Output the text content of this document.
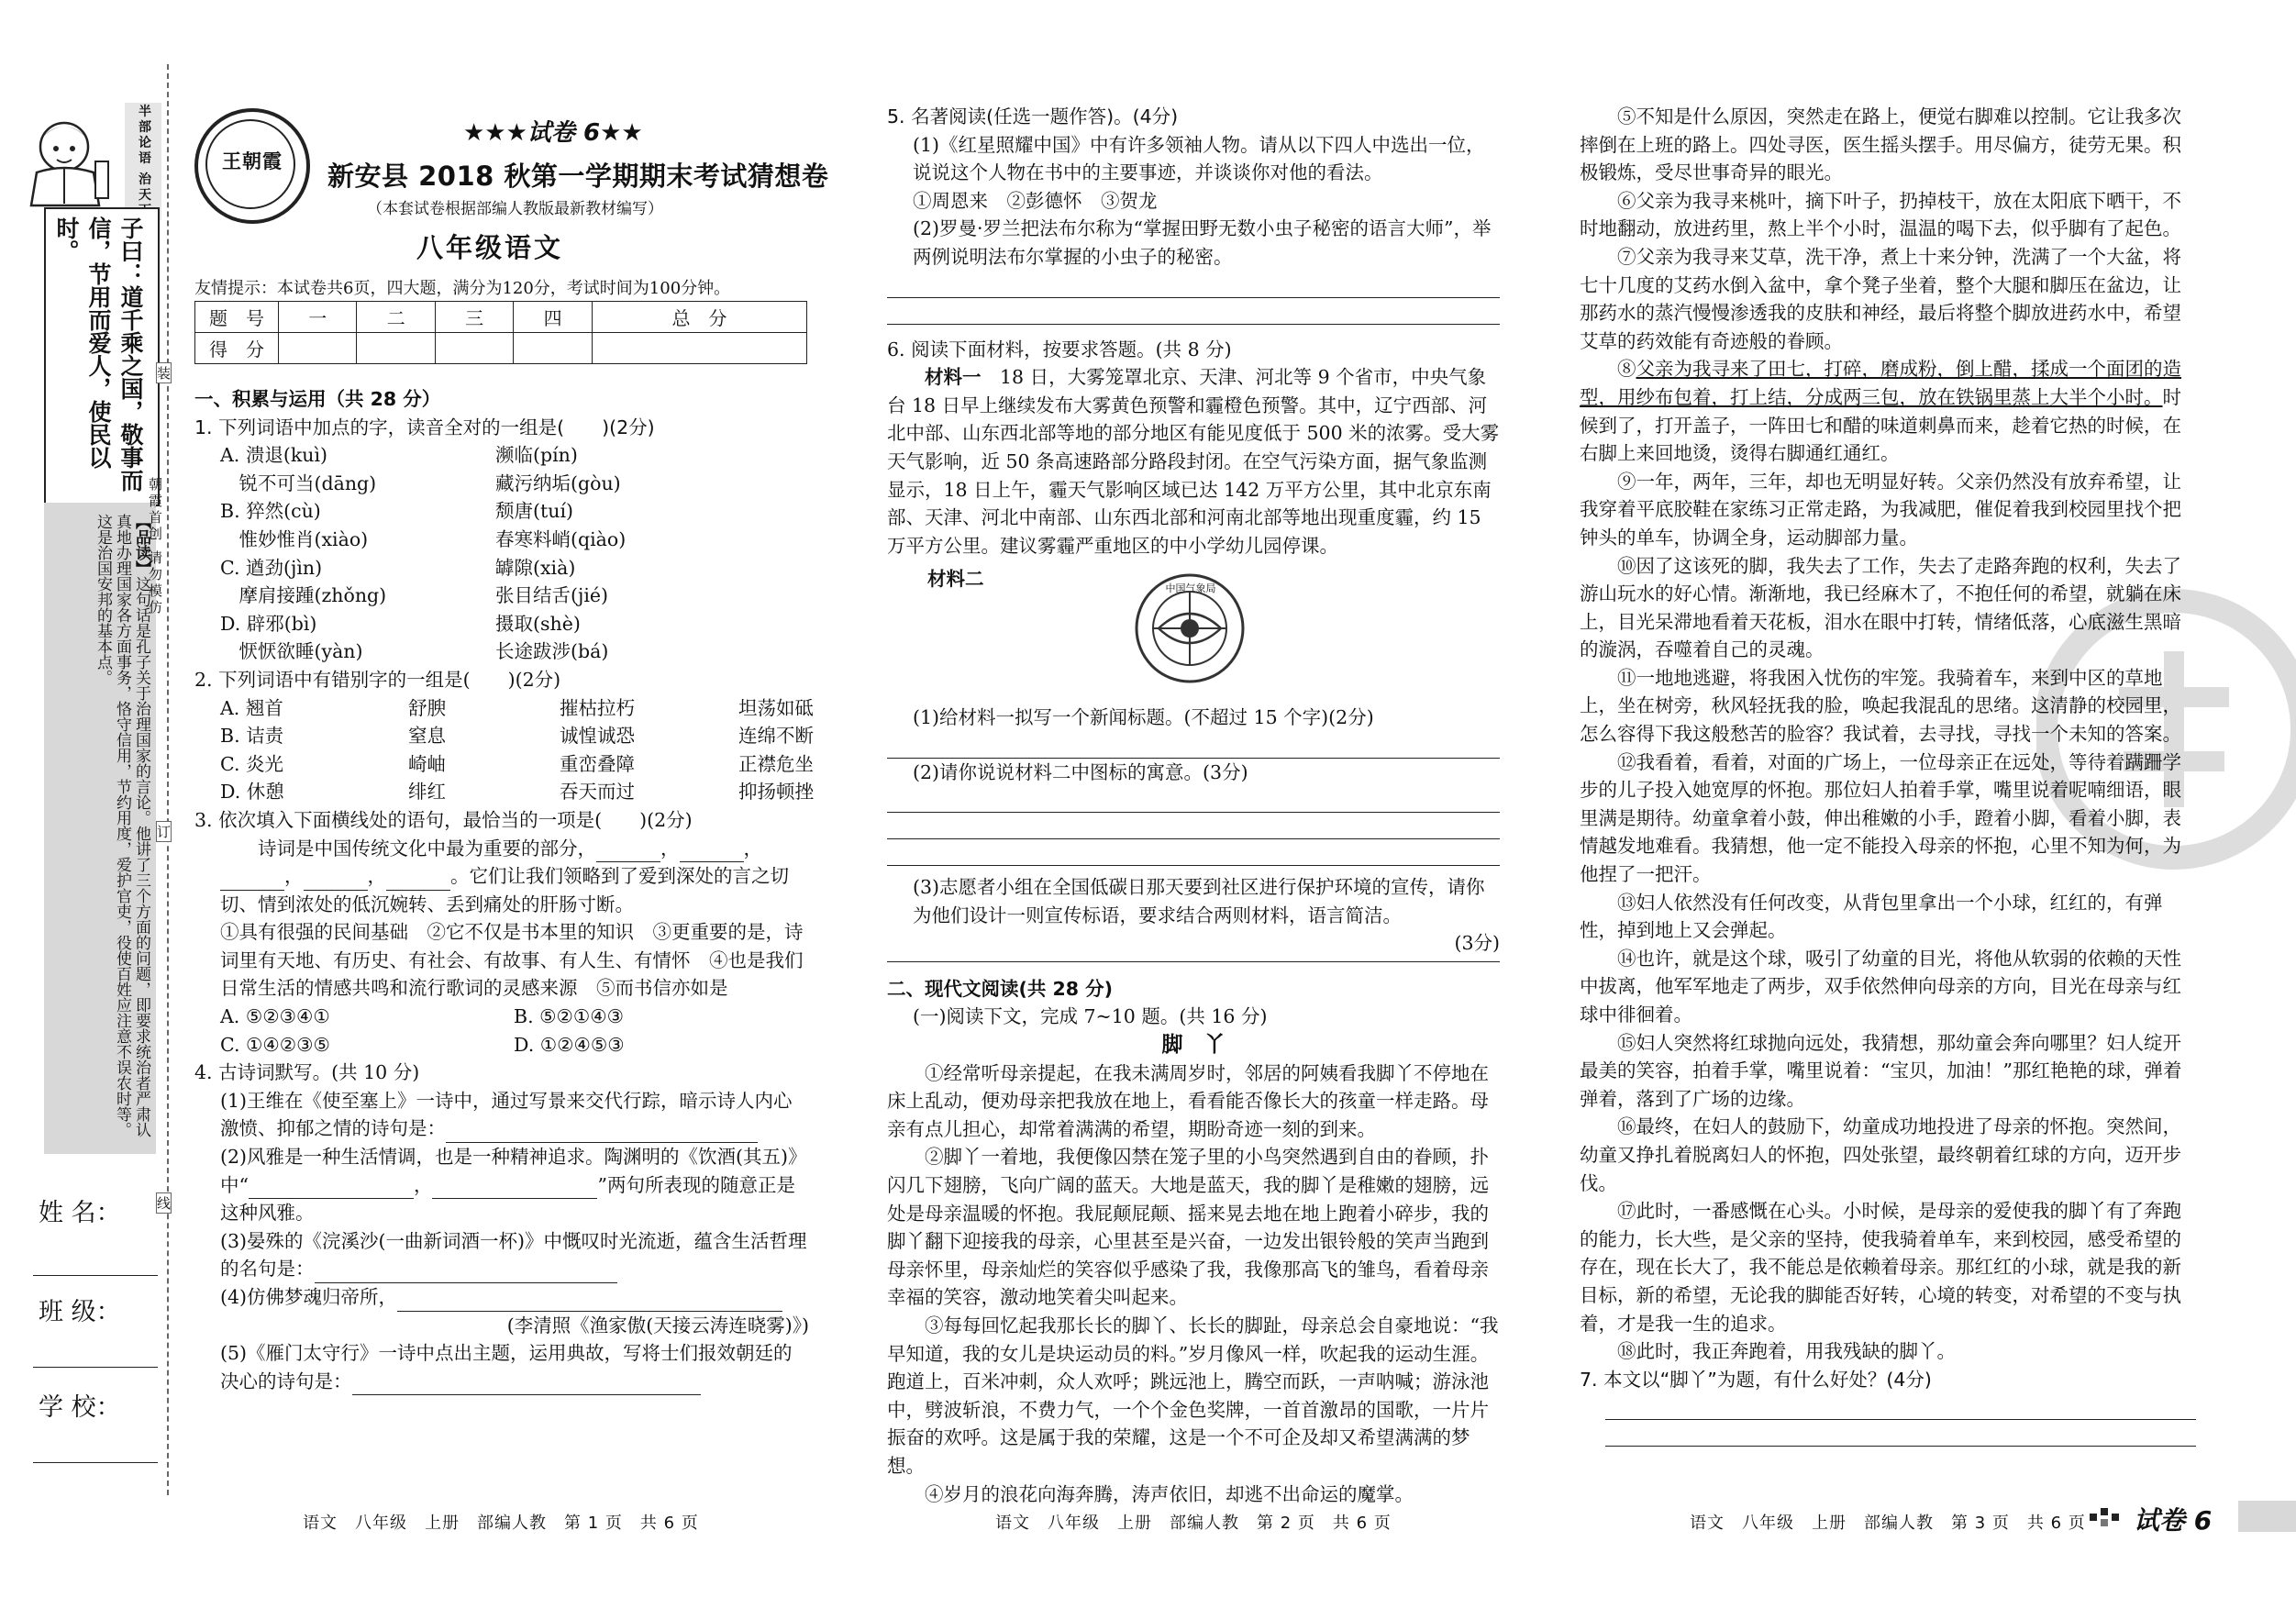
半
部
论
语
治
天
子曰：道千乘之国，敬事而信，节用而爱人，使民以时。
【品读】这句话是孔子关于治理国家的言论。他讲了三个方面的问题，即要求统治者严肃认真地办理国家各方面事务，恪守信用，节约用度，爱护官吏，役使百姓应注意不误农时等。这是治国安邦的基本点。
装
订
线
朝霞首创 请勿模仿
姓 名：
班 级：
学 校：
王朝霞
★★★试卷 6★★
新安县 2018 秋第一学期期末考试猜想卷
（本套试卷根据部编人教版最新教材编写）
八年级语文
友情提示：本试卷共6页，四大题，满分为120分，考试时间为100分钟。
题　号	一	二	三	四	总　分
得　分					

一、积累与运用（共 28 分）

1. 下列词语中加点的字，读音全对的一组是(　　)(2分)

A. 溃退(kuì)	濒临(pín)
　锐不可当(dāng)	藏污纳垢(gòu)
B. 猝然(cù)	颓唐(tuí)
　惟妙惟肖(xiào)	春寒料峭(qiào)
C. 遒劲(jìn)	罅隙(xià)
　摩肩接踵(zhǒng)	张目结舌(jié)
D. 辟邪(bì)	摄取(shè)
　恹恹欲睡(yàn)	长途跋涉(bá)

2. 下列词语中有错别字的一组是(　　)(2分)

A. 翘首	舒腴	摧枯拉朽	坦荡如砥
B. 诘责	窒息	诚惶诚恐	连绵不断
C. 炎光	崎岫	重峦叠障	正襟危坐
D. 休憩	绯红	吞天而过	抑扬顿挫

3. 依次填入下面横线处的语句，最恰当的一项是(　　)(2分)

诗词是中国传统文化中最为重要的部分，	，	，，	，	。它们让我们领略到了爱到深处的言之切切、情到浓处的低沉婉转、丢到痛处的肝肠寸断。

①具有很强的民间基础　②它不仅是书本里的知识　③更重要的是，诗词里有天地、有历史、有社会、有故事、有人生、有情怀　④也是我们日常生活的情感共鸣和流行歌词的灵感来源　⑤而书信亦如是

A. ⑤②③④①	B. ⑤②①④③
C. ①④②③⑤	D. ①②④⑤③

4. 古诗词默写。(共 10 分)

(1)王维在《使至塞上》一诗中，通过写景来交代行踪，暗示诗人内心激愤、抑郁之情的诗句是：

(2)风雅是一种生活情调，也是一种精神追求。陶渊明的《饮酒(其五)》中“	，	”两句所表现的随意正是这种风雅。

(3)晏殊的《浣溪沙(一曲新词酒一杯)》中慨叹时光流逝，蕴含生活哲理的名句是：

(4)仿佛梦魂归帝所，

(李清照《渔家傲(天接云涛连晓雾)》)

(5)《雁门太守行》一诗中点出主题，运用典故，写将士们报效朝廷的决心的诗句是：

语文　八年级　上册　部编人教　第 1 页　共 6 页

5. 名著阅读(任选一题作答)。(4分)

(1)《红星照耀中国》中有许多领袖人物。请从以下四人中选出一位，说说这个人物在书中的主要事迹，并谈谈你对他的看法。

①周恩来　②彭德怀　③贺龙

(2)罗曼·罗兰把法布尔称为“掌握田野无数小虫子秘密的语言大师”，举两例说明法布尔掌握的小虫子的秘密。

6. 阅读下面材料，按要求答题。(共 8 分)

材料一　 18 日，大雾笼罩北京、天津、河北等 9 个省市，中央气象台 18 日早上继续发布大雾黄色预警和霾橙色预警。其中，辽宁西部、河北中部、山东西北部等地的部分地区有能见度低于 500 米的浓雾。受大雾天气影响，近 50 条高速路部分路段封闭。在空气污染方面，据气象监测显示，18 日上午，霾天气影响区域已达 142 万平方公里，其中北京东南部、天津、河北中南部、山东西北部和河南北部等地出现重度霾，约 15 万平方公里。建议雾霾严重地区的中小学幼儿园停课。

材料二	中国气象局

(1)给材料一拟写一个新闻标题。(不超过 15 个字)(2分)

(2)请你说说材料二中图标的寓意。(3分)

(3)志愿者小组在全国低碳日那天要到社区进行保护环境的宣传，请你为他们设计一则宣传标语，要求结合两则材料，语言简洁。

(3分)

二、现代文阅读(共 28 分)

(一)阅读下文，完成 7~10 题。(共 16 分)

脚　丫

①经常听母亲提起，在我未满周岁时，邻居的阿姨看我脚丫不停地在床上乱动，便劝母亲把我放在地上，看看能否像长大的孩童一样走路。母亲有点儿担心，却常着满满的希望，期盼奇迹一刻的到来。

②脚丫一着地，我便像囚禁在笼子里的小鸟突然遇到自由的眷顾，扑闪几下翅膀，飞向广阔的蓝天。大地是蓝天，我的脚丫是稚嫩的翅膀，远处是母亲温暖的怀抱。我屁颠屁颠、摇来晃去地在地上跑着小碎步，我的脚丫翻下迎接我的母亲，心里甚至是兴奋，一边发出银铃般的笑声当跑到母亲怀里，母亲灿烂的笑容似乎感染了我，我像那高飞的雏鸟，看着母亲幸福的笑容，激动地笑着尖叫起来。

③每每回忆起我那长长的脚丫、长长的脚趾，母亲总会自豪地说：“我早知道，我的女儿是块运动员的料。”岁月像风一样，吹起我的运动生涯。跑道上，百米冲刺，众人欢呼；跳远池上，腾空而跃，一声呐喊；游泳池中，劈波斩浪，不费力气，一个个金色奖牌，一首首激昂的国歌，一片片振奋的欢呼。这是属于我的荣耀，这是一个不可企及却又希望满满的梦想。

④岁月的浪花向海奔腾，涛声依旧，却逃不出命运的魔掌。

语文　八年级　上册　部编人教　第 2 页　共 6 页

⑤不知是什么原因，突然走在路上，便觉右脚难以控制。它让我多次摔倒在上班的路上。四处寻医，医生摇头摆手。用尽偏方，徒劳无果。积极锻炼，受尽世事奇异的眼光。

⑥父亲为我寻来桃叶，摘下叶子，扔掉枝干，放在太阳底下晒干，不时地翻动，放进药里，熬上半个小时，温温的喝下去，似乎脚有了起色。

⑦父亲为我寻来艾草，洗干净，煮上十来分钟，洗满了一个大盆，将七十几度的艾药水倒入盆中，拿个凳子坐着，整个大腿和脚压在盆边，让那药水的蒸汽慢慢渗透我的皮肤和神经，最后将整个脚放进药水中，希望艾草的药效能有奇迹般的眷顾。

⑧父亲为我寻来了田七，打碎，磨成粉，倒上醋，揉成一个面团的造型，用纱布包着，打上结，分成两三包，放在铁锅里蒸上大半个小时。时候到了，打开盖子，一阵田七和醋的味道刺鼻而来，趁着它热的时候，在右脚上来回地烫，烫得右脚通红通红。

⑨一年，两年，三年，却也无明显好转。父亲仍然没有放弃希望，让我穿着平底胶鞋在家练习正常走路，为我减肥，催促着我到校园里找个把钟头的单车，协调全身，运动脚部力量。

⑩因了这该死的脚，我失去了工作，失去了走路奔跑的权利，失去了游山玩水的好心情。渐渐地，我已经麻木了，不抱任何的希望，就躺在床上，目光呆滞地看着天花板，泪水在眼中打转，情绪低落，心底滋生黑暗的漩涡，吞噬着自己的灵魂。

⑪一地地逃避，将我困入忧伤的牢笼。我骑着车，来到中区的草地上，坐在树旁，秋风轻抚我的脸，唤起我混乱的思绪。这清静的校园里，怎么容得下我这般愁苦的脸容？我试着，去寻找，寻找一个未知的答案。

⑫我看着，看着，对面的广场上，一位母亲正在远处，等待着蹒跚学步的儿子投入她宽厚的怀抱。那位妇人拍着手掌，嘴里说着呢喃细语，眼里满是期待。幼童拿着小鼓，伸出稚嫩的小手，蹬着小脚，看着小脚，表情越发地难看。我猜想，他一定不能投入母亲的怀抱，心里不知为何，为他捏了一把汗。

⑬妇人依然没有任何改变，从背包里拿出一个小球，红红的，有弹性，掉到地上又会弹起。

⑭也许，就是这个球，吸引了幼童的目光，将他从软弱的依赖的天性中拔离，他军军地走了两步，双手依然伸向母亲的方向，目光在母亲与红球中徘徊着。

⑮妇人突然将红球抛向远处，我猜想，那幼童会奔向哪里？妇人绽开最美的笑容，拍着手掌，嘴里说着：“宝贝，加油！”那红艳艳的球，弹着弹着，落到了广场的边缘。

⑯最终，在妇人的鼓励下，幼童成功地投进了母亲的怀抱。突然间，幼童又挣扎着脱离妇人的怀抱，四处张望，最终朝着红球的方向，迈开步伐。

⑰此时，一番感慨在心头。小时候，是母亲的爱使我的脚丫有了奔跑的能力，长大些，是父亲的坚持，使我骑着单车，来到校园，感受希望的存在，现在长大了，我不能总是依赖着母亲。那红红的小球，就是我的新目标，新的希望，无论我的脚能否好转，心境的转变，对希望的不变与执着，才是我一生的追求。

⑱此时，我正奔跑着，用我残缺的脚丫。

7. 本文以“脚丫”为题，有什么好处？(4分)

语文　八年级　上册　部编人教　第 3 页　共 6 页 试卷 6
